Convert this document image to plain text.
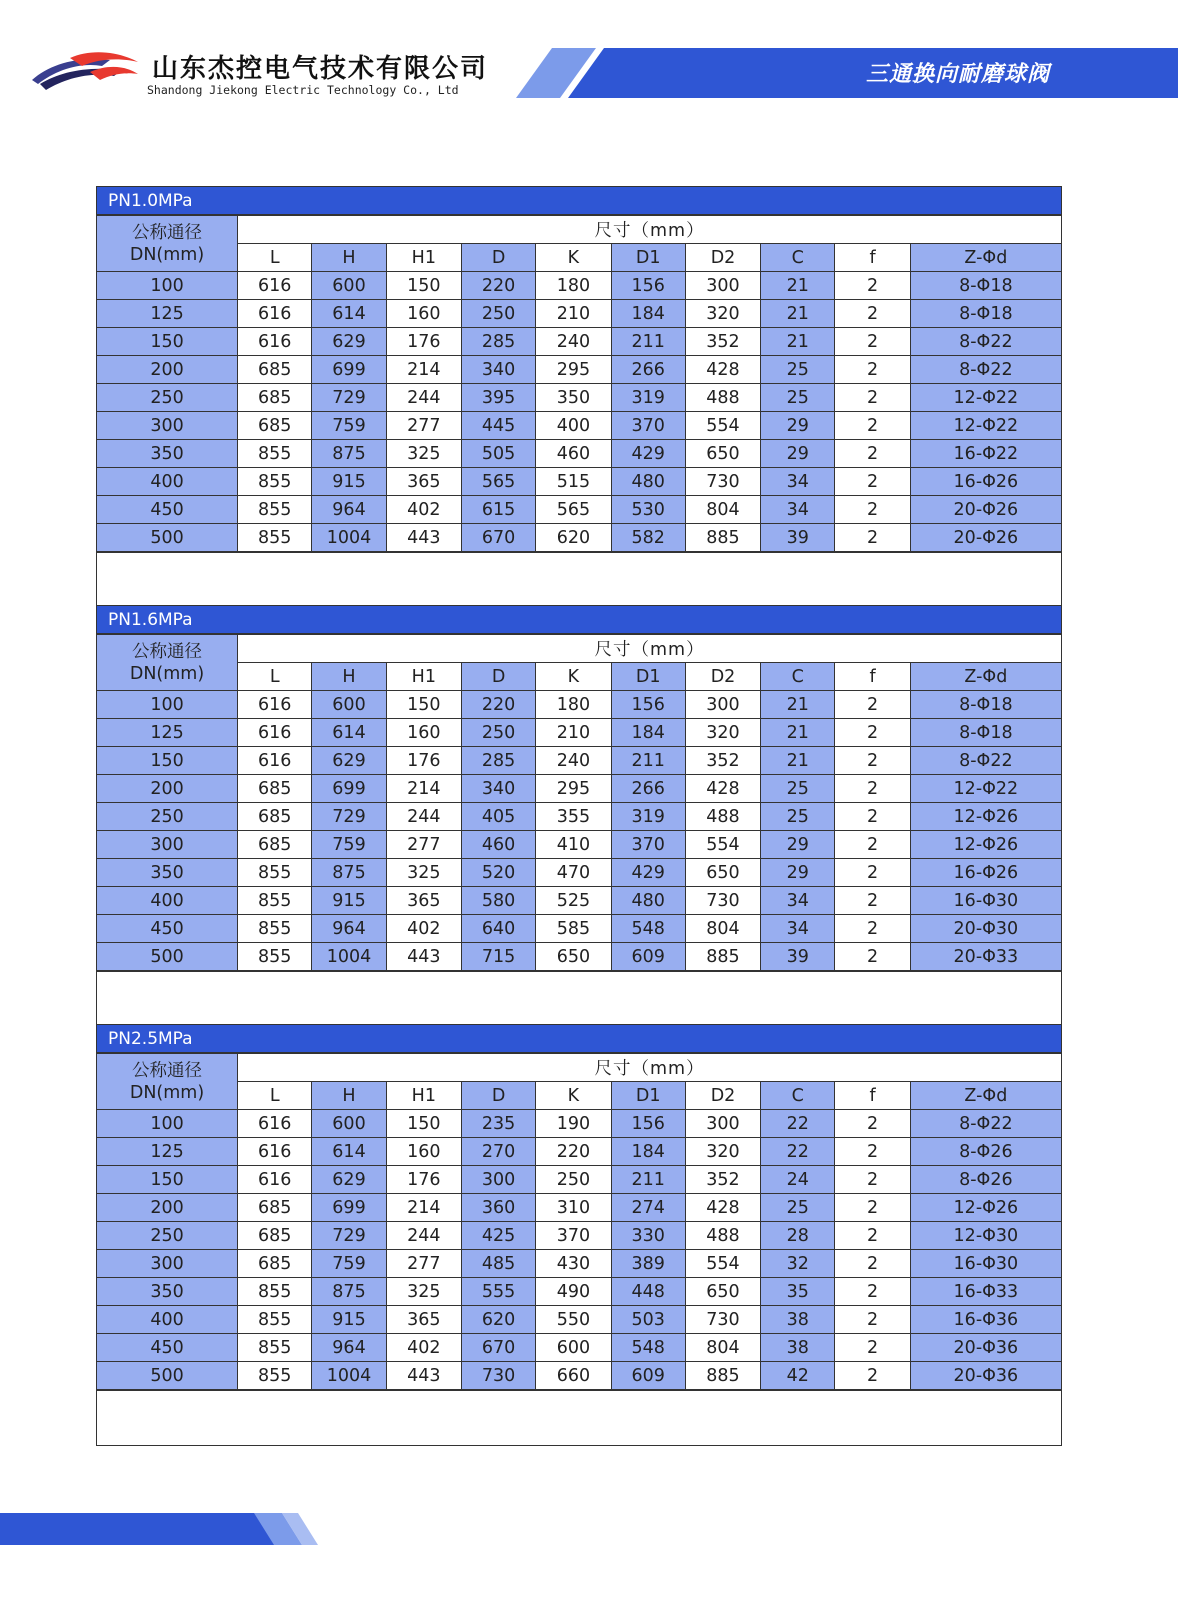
山东杰控电气技术有限公司
Shandong Jiekong Electric Technology Co., Ltd
三通换向耐磨球阀
PN1.0MPa
公称通径
DN(mm)	尺寸（mm）									
	L	H	H1	D	K	D1	D2	C	f	Z-Φd
100	616	600	150	220	180	156	300	21	2	8-Φ18
125	616	614	160	250	210	184	320	21	2	8-Φ18
150	616	629	176	285	240	211	352	21	2	8-Φ22
200	685	699	214	340	295	266	428	25	2	8-Φ22
250	685	729	244	395	350	319	488	25	2	12-Φ22
300	685	759	277	445	400	370	554	29	2	12-Φ22
350	855	875	325	505	460	429	650	29	2	16-Φ22
400	855	915	365	565	515	480	730	34	2	16-Φ26
450	855	964	402	615	565	530	804	34	2	20-Φ26
500	855	1004	443	670	620	582	885	39	2	20-Φ26
PN1.6MPa
公称通径
DN(mm)	尺寸（mm）									
	L	H	H1	D	K	D1	D2	C	f	Z-Φd
100	616	600	150	220	180	156	300	21	2	8-Φ18
125	616	614	160	250	210	184	320	21	2	8-Φ18
150	616	629	176	285	240	211	352	21	2	8-Φ22
200	685	699	214	340	295	266	428	25	2	12-Φ22
250	685	729	244	405	355	319	488	25	2	12-Φ26
300	685	759	277	460	410	370	554	29	2	12-Φ26
350	855	875	325	520	470	429	650	29	2	16-Φ26
400	855	915	365	580	525	480	730	34	2	16-Φ30
450	855	964	402	640	585	548	804	34	2	20-Φ30
500	855	1004	443	715	650	609	885	39	2	20-Φ33
PN2.5MPa
公称通径
DN(mm)	尺寸（mm）									
	L	H	H1	D	K	D1	D2	C	f	Z-Φd
100	616	600	150	235	190	156	300	22	2	8-Φ22
125	616	614	160	270	220	184	320	22	2	8-Φ26
150	616	629	176	300	250	211	352	24	2	8-Φ26
200	685	699	214	360	310	274	428	25	2	12-Φ26
250	685	729	244	425	370	330	488	28	2	12-Φ30
300	685	759	277	485	430	389	554	32	2	16-Φ30
350	855	875	325	555	490	448	650	35	2	16-Φ33
400	855	915	365	620	550	503	730	38	2	16-Φ36
450	855	964	402	670	600	548	804	38	2	20-Φ36
500	855	1004	443	730	660	609	885	42	2	20-Φ36
